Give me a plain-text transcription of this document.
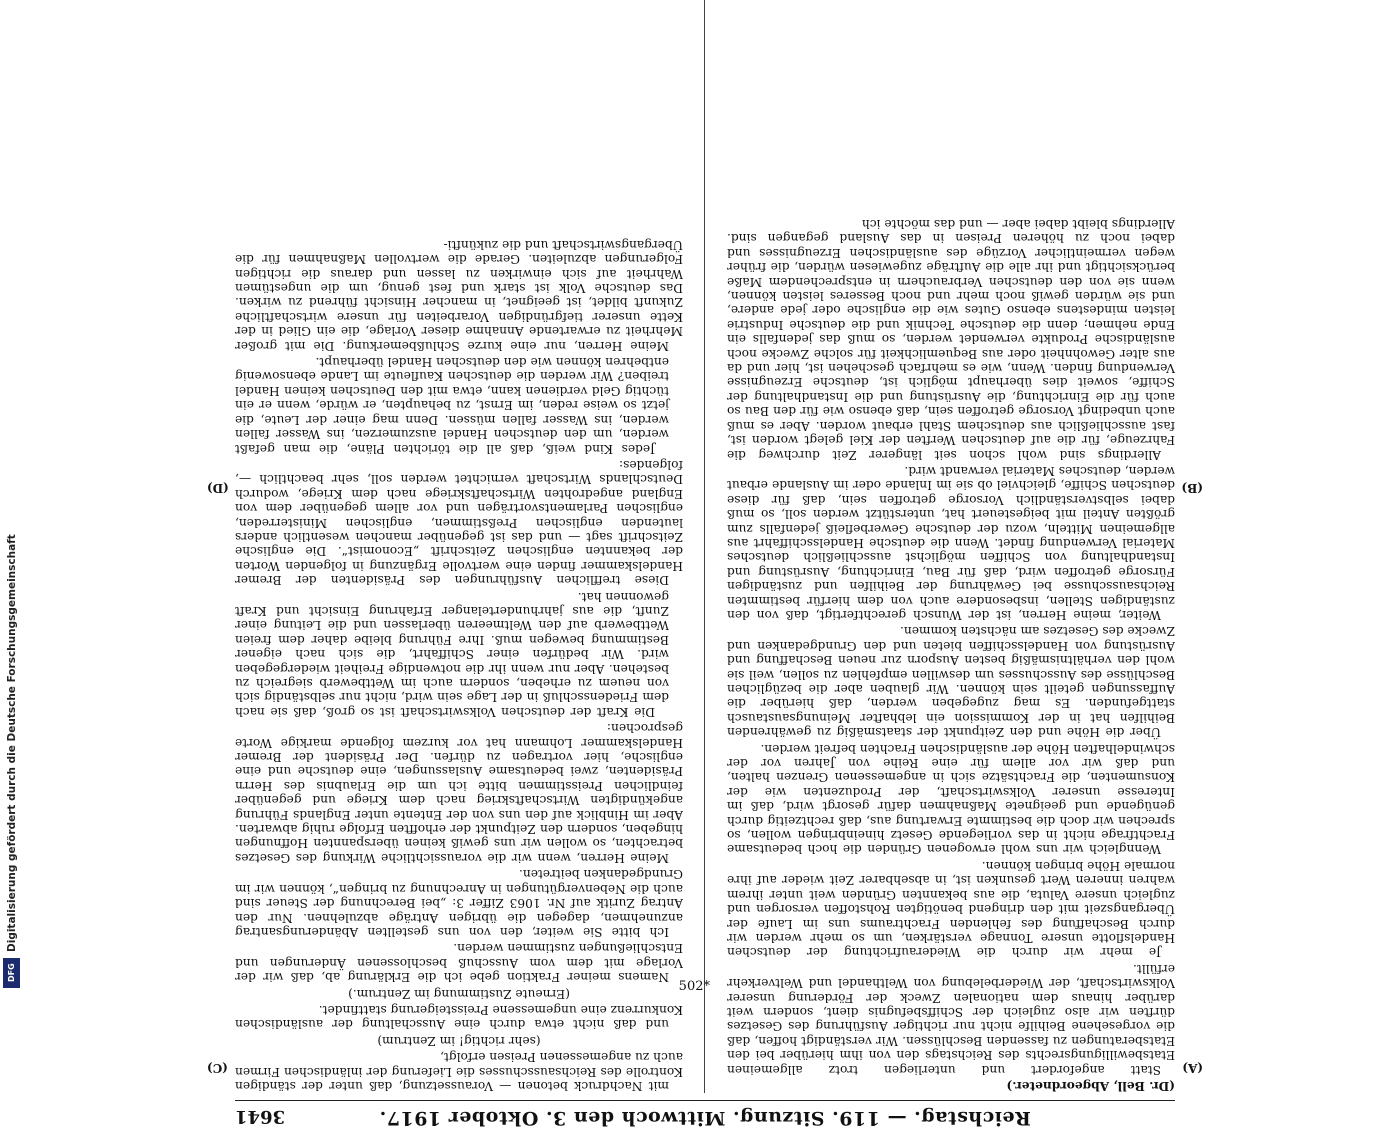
DFG
Digitalisierung gefördert durch die Deutsche Forschungsgemeinschaft
Reichstag. — 119. Sitzung. Mittwoch den 3. Oktober 1917.
3641

(Dr. Bell, Abgeordneter.)

Statt angefordert und unterliegen trotz allgemeinen Etatsbewilligungsrechts des Reichstags den von ihm hierüber bei den Etatsberatungen zu fassenden Beschlüssen. Wir verständigt hoffen, daß die vorgesehene Beihilfe nicht nur richtiger Ausführung des Gesetzes dürften wir also zugleich der Schiffsbefugnis dient, sondern weit darüber hinaus dem nationalen Zweck der Förderung unserer Volkswirtschaft, der Wiederbelebung von Welthandel und Weltverkehr erfüllt.

Je mehr wir durch die Wiederaufrichtung der deutschen Handelsflotte unsere Tonnage verstärken, um so mehr werden wir durch Beschaffung des fehlenden Frachtraums uns im Laufe der Übergangszeit mit den dringend benötigten Rohstoffen versorgen und zugleich unsere Valuta, die aus bekannten Gründen weit unter ihrem wahren inneren Wert gesunken ist, in absehbarer Zeit wieder auf ihre normale Höhe bringen können.

Wenngleich wir uns wohl erwogenen Gründen die hoch bedeutsame Frachtfrage nicht in das vorliegende Gesetz hineinbringen wollen, so sprechen wir doch die bestimmte Erwartung aus, daß rechtzeitig durch genügende und geeignete Maßnahmen dafür gesorgt wird, daß im Interesse unserer Volkswirtschaft, der Produzenten wie der Konsumenten, die Frachtsätze sich in angemessenen Grenzen halten, und daß wir vor allem für eine Reihe von Jahren vor der schwindelhaften Höhe der ausländischen Frachten befreit werden.

Über die Höhe und den Zeitpunkt der staatsmäßig zu gewährenden Beihilfen hat in der Kommission ein lebhafter Meinungsaustausch stattgefunden. Es mag zugegeben werden, daß hierüber die Auffassungen geteilt sein können. Wir glauben aber die bezüglichen Beschlüsse des Ausschusses um deswillen empfehlen zu sollen, weil sie wohl den verhältnismäßig besten Ausporn zur neuen Beschaffung und Ausrüstung von Handelsschiffen bieten und den Grundgedanken und Zwecke des Gesetzes am nächsten kommen.

Weiter, meine Herren, ist der Wunsch gerechtfertigt, daß von den zuständigen Stellen, insbesondere auch von dem hierfür bestimmten Reichsausschusse bei Gewährung der Beihilfen und zuständigen Fürsorge getroffen wird, daß für Bau, Einrichtung, Ausrüstung und Instandhaltung von Schiffen möglichst ausschließlich deutsches Material Verwendung findet. Wenn die deutsche Handelsschiffahrt aus allgemeinen Mitteln, wozu der deutsche Gewerbefleiß jedenfalls zum größten Anteil mit beigesteuert hat, unterstützt werden soll, so muß dabei selbstverständlich Vorsorge getroffen sein, daß für diese deutschen Schiffe, gleichviel ob sie im Inlande oder im Auslande erbaut werden, deutsches Material verwandt wird.

Allerdings sind wohl schon seit längerer Zeit durchweg die Fahrzeuge, für die auf deutschen Werften der Kiel gelegt worden ist, fast ausschließlich aus deutschem Stahl erbaut worden. Aber es muß auch unbedingt Vorsorge getroffen sein, daß ebenso wie für den Bau so auch für die Einrichtung, die Ausrüstung und die Instandhaltung der Schiffe, soweit dies überhaupt möglich ist, deutsche Erzeugnisse Verwendung finden. Wenn, wie es mehrfach geschehen ist, hier und da aus alter Gewohnheit oder aus Bequemlichkeit für solche Zwecke noch ausländische Produkte verwendet werden, so muß das jedenfalls ein Ende nehmen; denn die deutsche Technik und die deutsche Industrie leisten mindestens ebenso Gutes wie die englische oder jede andere, und sie würden gewiß noch mehr und noch Besseres leisten können, wenn sie von den deutschen Verbrauchern in entsprechendem Maße berücksichtigt und ihr alle die Aufträge zugewiesen würden, die früher wegen vermeintlicher Vorzüge des ausländischen Erzeugnisses und dabei noch zu höheren Preisen in das Ausland gegangen sind. Allerdings bleibt dabei aber — und das möchte ich

mit Nachdruck betonen — Voraussetzung, daß unter der ständigen Kontrolle des Reichsausschusses die Lieferung der inländischen Firmen auch zu angemessenen Preisen erfolgt,

(sehr richtig! im Zentrum)

und daß nicht etwa durch eine Ausschaltung der ausländischen Konkurrenz eine ungemessene Preissteigerung stattfindet.

(Erneute Zustimmung im Zentrum.)

Namens meiner Fraktion gebe ich die Erklärung ab, daß wir der Vorlage mit dem vom Ausschuß beschlossenen Änderungen und Entschließungen zustimmen werden.

Ich bitte Sie weiter, den von uns gestellten Abänderungsantrag anzunehmen, dagegen die übrigen Anträge abzulehnen. Nur den Antrag Zuritk auf Nr. 1063 Ziffer 3: „bei Berechnung der Steuer sind auch die Nebenvergütungen in Anrechnung zu bringen“, können wir im Grundgedanken beitreten.

Meine Herren, wenn wir die voraussichtliche Wirkung des Gesetzes betrachten, so wollen wir uns gewiß keinen überspannten Hoffnungen hingeben, sondern den Zeitpunkt der erhofften Erfolge ruhig abwarten. Aber im Hinblick auf den uns von der Entente unter Englands Führung angekündigten Wirtschaftskrieg nach dem Kriege und gegenüber feindlichen Preisstimmen bitte ich um die Erlaubnis des Herrn Präsidenten, zwei bedeutsame Auslassungen, eine deutsche und eine englische, hier vortragen zu dürfen. Der Präsident der Bremer Handelskammer Lohmann hat vor kurzem folgende markige Worte gesprochen:

Die Kraft der deutschen Volkswirtschaft ist so groß, daß sie nach dem Friedensschluß in der Lage sein wird, nicht nur selbständig sich von neuem zu erheben, sondern auch im Wettbewerb siegreich zu bestehen. Aber nur wenn ihr die notwendige Freiheit wiedergegeben wird. Wir bedürfen einer Schiffahrt, die sich nach eigener Bestimmung bewegen muß. Ihre Führung bleibe daher dem freien Wettbewerb auf den Weltmeeren überlassen und die Leitung einer Zunft, die aus jahrhundertelanger Erfahrung Einsicht und Kraft gewonnen hat.

Diese trefflichen Ausführungen des Präsidenten der Bremer Handelskammer finden eine wertvolle Ergänzung in folgenden Worten der bekannten englischen Zeitschrift „Economist“. Die englische Zeitschrift sagt — und das ist gegenüber manchen wesentlich anders lautenden englischen Preßstimmen, englischen Ministerreden, englischen Parlamentsvorträgen und vor allem gegenüber dem von England angedrohten Wirtschaftskriege nach dem Kriege, wodurch Deutschlands Wirtschaft vernichtet werden soll, sehr beachtlich —, folgendes:

Jedes Kind weiß, daß all die törichten Pläne, die man gefaßt werden, um den deutschen Handel auszumerzen, ins Wasser fallen werden, ins Wasser fallen müssen. Denn mag einer der Leute, die jetzt so weise reden, im Ernst, zu behaupten, er würde, wenn er ein tüchtig Geld verdienen kann, etwa mit den Deutschen keinen Handel treiben? Wir werden die deutschen Kaufleute im Lande ebensowenig entbehren können wie den deutschen Handel überhaupt.

Meine Herren, nur eine kurze Schlußbemerkung. Die mit großer Mehrheit zu erwartende Annahme dieser Vorlage, die ein Glied in der Kette unserer tiefgründigen Vorarbeiten für unsere wirtschaftliche Zukunft bildet, ist geeignet, in mancher Hinsicht führend zu wirken. Das deutsche Volk ist stark und fest genug, um die ungestümen Wahrheit auf sich einwirken zu lassen und daraus die richtigen Folgerungen abzuleiten. Gerade die wertvollen Maßnahmen für die Übergangswirtschaft und die zukünfti-

(A)
(B)
(C)
(D)
502*
